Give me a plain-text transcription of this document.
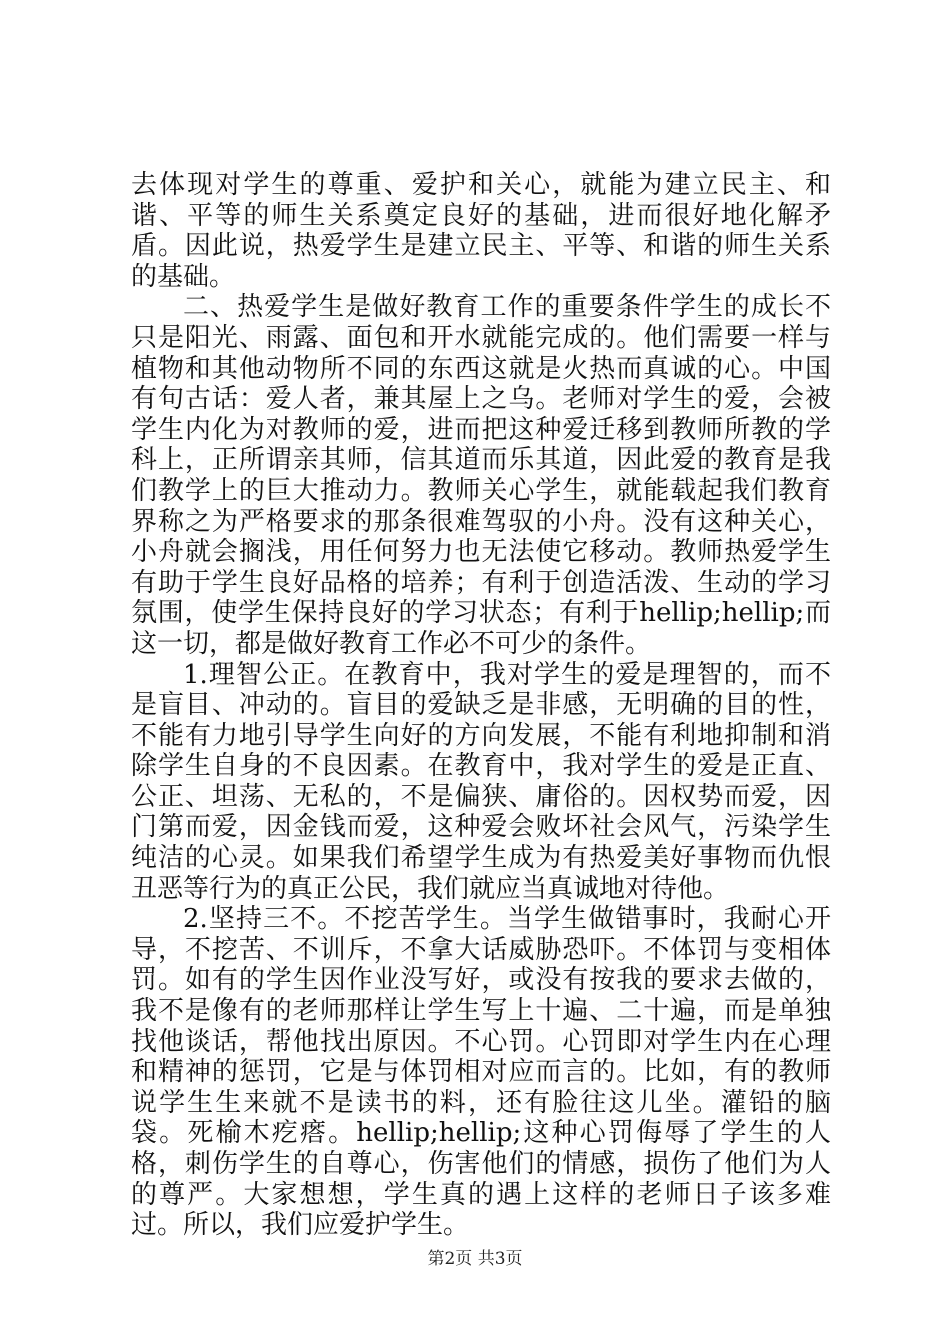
去体现对学生的尊重、爱护和关心，就能为建立民主、和谐、平等的师生关系奠定良好的基础，进而很好地化解矛盾。因此说，热爱学生是建立民主、平等、和谐的师生关系的基础。

二、热爱学生是做好教育工作的重要条件学生的成长不只是阳光、雨露、面包和开水就能完成的。他们需要一样与植物和其他动物所不同的东西这就是火热而真诚的心。中国有句古话：爱人者，兼其屋上之乌。老师对学生的爱，会被学生内化为对教师的爱，进而把这种爱迁移到教师所教的学科上，正所谓亲其师，信其道而乐其道，因此爱的教育是我们教学上的巨大推动力。教师关心学生，就能载起我们教育界称之为严格要求的那条很难驾驭的小舟。没有这种关心，小舟就会搁浅，用任何努力也无法使它移动。教师热爱学生有助于学生良好品格的培养；有利于创造活泼、生动的学习氛围，使学生保持良好的学习状态；有利于hellip;hellip;而这一切，都是做好教育工作必不可少的条件。

1.理智公正。在教育中，我对学生的爱是理智的，而不是盲目、冲动的。盲目的爱缺乏是非感，无明确的目的性，不能有力地引导学生向好的方向发展，不能有利地抑制和消除学生自身的不良因素。在教育中，我对学生的爱是正直、公正、坦荡、无私的，不是偏狭、庸俗的。因权势而爱，因门第而爱，因金钱而爱，这种爱会败坏社会风气，污染学生纯洁的心灵。如果我们希望学生成为有热爱美好事物而仇恨丑恶等行为的真正公民，我们就应当真诚地对待他。

2.坚持三不。不挖苦学生。当学生做错事时，我耐心开导，不挖苦、不训斥，不拿大话威胁恐吓。不体罚与变相体罚。如有的学生因作业没写好，或没有按我的要求去做的，我不是像有的老师那样让学生写上十遍、二十遍，而是单独找他谈话，帮他找出原因。不心罚。心罚即对学生内在心理和精神的惩罚，它是与体罚相对应而言的。比如，有的教师说学生生来就不是读书的料，还有脸往这儿坐。灌铅的脑袋。死榆木疙瘩。hellip;hellip;这种心罚侮辱了学生的人格，刺伤学生的自尊心，伤害他们的情感，损伤了他们为人的尊严。大家想想，学生真的遇上这样的老师日子该多难过。所以，我们应爱护学生。

第2页 共3页
